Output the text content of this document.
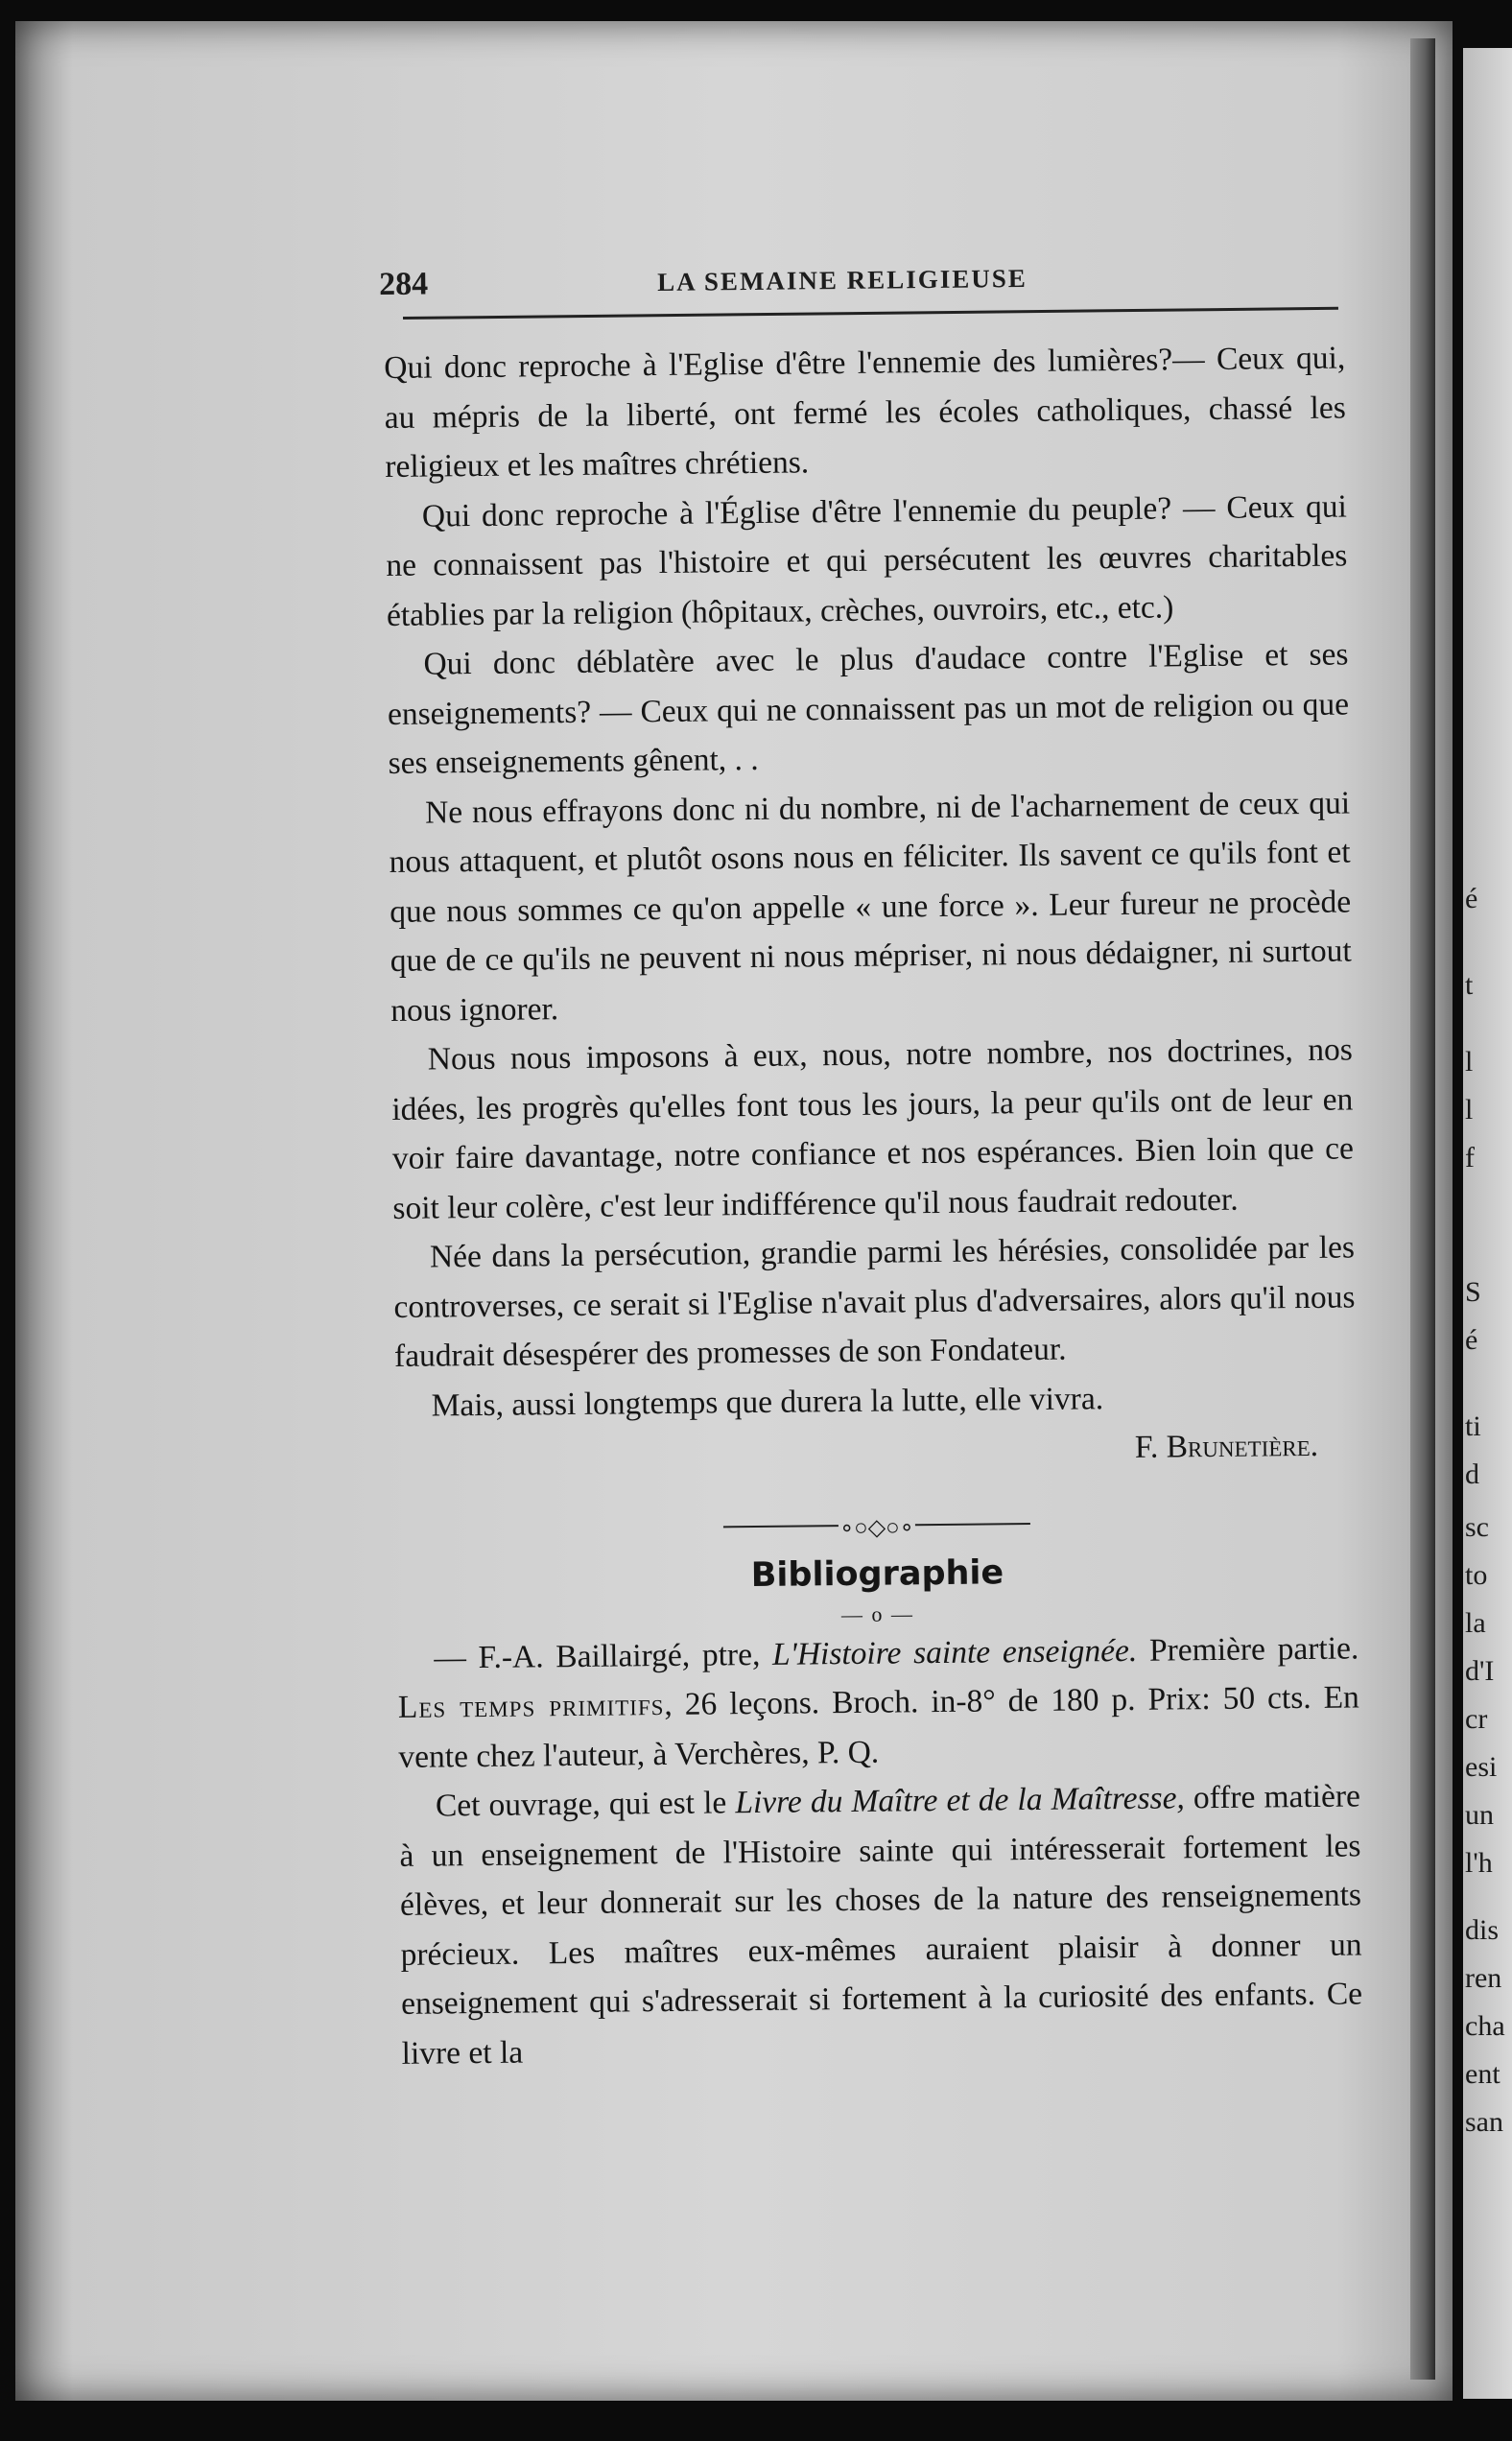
é
t
l
l
f
S
é
ti
d
sc
to
la
d'I
cr
esi
un
l'h
dis
ren
cha
ent
san
284	LA SEMAINE RELIGIEUSE

Qui donc reproche à l'Eglise d'être l'ennemie des lumières?— Ceux qui, au mépris de la liberté, ont fermé les écoles catholiques, chassé les religieux et les maîtres chrétiens.

Qui donc reproche à l'Église d'être l'ennemie du peuple? — Ceux qui ne connaissent pas l'histoire et qui persécutent les œuvres charitables établies par la religion (hôpitaux, crèches, ouvroirs, etc., etc.)

Qui donc déblatère avec le plus d'audace contre l'Eglise et ses enseignements? — Ceux qui ne connaissent pas un mot de religion ou que ses enseignements gênent, . .

Ne nous effrayons donc ni du nombre, ni de l'acharnement de ceux qui nous attaquent, et plutôt osons nous en féliciter. Ils savent ce qu'ils font et que nous sommes ce qu'on appelle « une force ». Leur fureur ne procède que de ce qu'ils ne peuvent ni nous mépriser, ni nous dédaigner, ni surtout nous ignorer.

Nous nous imposons à eux, nous, notre nombre, nos doctrines, nos idées, les progrès qu'elles font tous les jours, la peur qu'ils ont de leur en voir faire davantage, notre confiance et nos espérances. Bien loin que ce soit leur colère, c'est leur indifférence qu'il nous faudrait redouter.

Née dans la persécution, grandie parmi les hérésies, consolidée par les controverses, ce serait si l'Eglise n'avait plus d'adversaires, alors qu'il nous faudrait désespérer des promesses de son Fondateur.

Mais, aussi longtemps que durera la lutte, elle vivra.

F. Brunetière.
∘○◇○∘
Bibliographie
— o —

— F.-A. Baillairgé, ptre, L'Histoire sainte enseignée. Première partie. Les temps primitifs, 26 leçons. Broch. in-8° de 180 p. Prix: 50 cts. En vente chez l'auteur, à Verchères, P. Q.

Cet ouvrage, qui est le Livre du Maître et de la Maîtresse, offre matière à un enseignement de l'Histoire sainte qui intéresserait fortement les élèves, et leur donnerait sur les choses de la nature des renseignements précieux. Les maîtres eux-mêmes auraient plaisir à donner un enseignement qui s'adresserait si fortement à la curiosité des enfants. Ce livre et la
